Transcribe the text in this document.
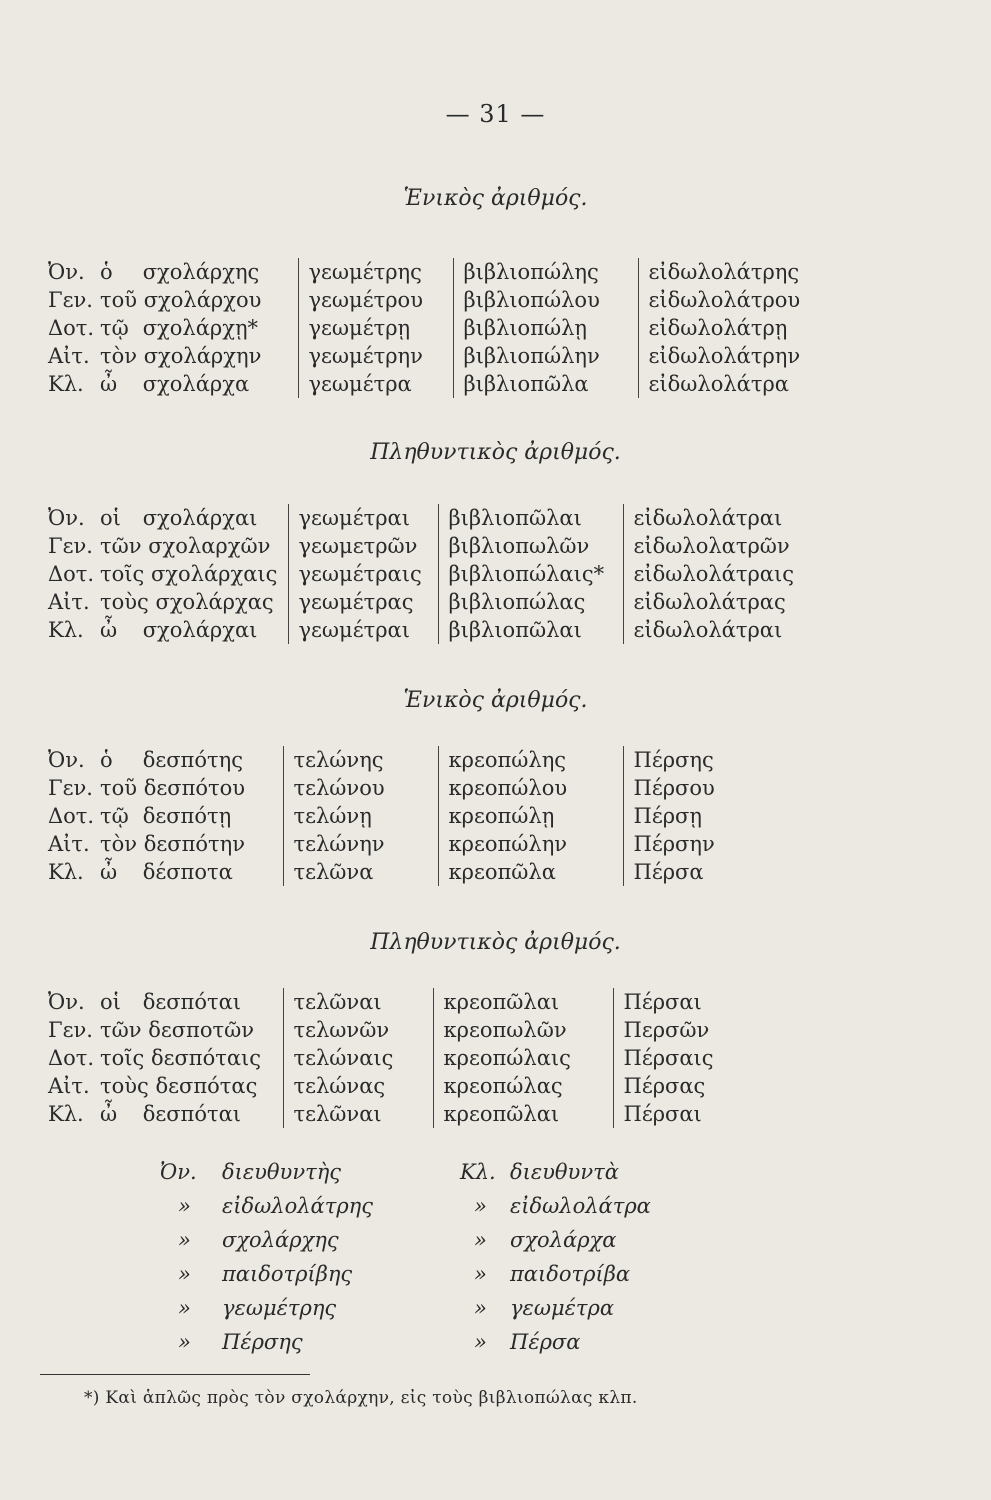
— 31 —
Ἑνικὸς ἀριθμός.
Ὀν. ὁ σχολάρχης	γεωμέτρης	βιβλιοπώλης	εἰδωλολάτρης
Γεν. τοῦ σχολάρχου	γεωμέτρου	βιβλιοπώλου	εἰδωλολάτρου
Δοτ. τῷ σχολάρχῃ*	γεωμέτρῃ	βιβλιοπώλῃ	εἰδωλολάτρῃ
Αἰτ. τὸν σχολάρχην	γεωμέτρην	βιβλιοπώλην	εἰδωλολάτρην
Κλ. ὦ σχολάρχα	γεωμέτρα	βιβλιοπῶλα	εἰδωλολάτρα
Πληθυντικὸς ἀριθμός.
Ὀν. οἱ σχολάρχαι	γεωμέτραι	βιβλιοπῶλαι	εἰδωλολάτραι
Γεν. τῶν σχολαρχῶν	γεωμετρῶν	βιβλιοπωλῶν	εἰδωλολατρῶν
Δοτ. τοῖς σχολάρχαις	γεωμέτραις	βιβλιοπώλαις*	εἰδωλολάτραις
Αἰτ. τοὺς σχολάρχας	γεωμέτρας	βιβλιοπώλας	εἰδωλολάτρας
Κλ. ὦ σχολάρχαι	γεωμέτραι	βιβλιοπῶλαι	εἰδωλολάτραι
Ἑνικὸς ἀριθμός.
Ὀν. ὁ δεσπότης	τελώνης	κρεοπώλης	Πέρσης
Γεν. τοῦ δεσπότου	τελώνου	κρεοπώλου	Πέρσου
Δοτ. τῷ δεσπότῃ	τελώνῃ	κρεοπώλῃ	Πέρσῃ
Αἰτ. τὸν δεσπότην	τελώνην	κρεοπώλην	Πέρσην
Κλ. ὦ δέσποτα	τελῶνα	κρεοπῶλα	Πέρσα
Πληθυντικὸς ἀριθμός.
Ὀν. οἱ δεσπόται	τελῶναι	κρεοπῶλαι	Πέρσαι
Γεν. τῶν δεσποτῶν	τελωνῶν	κρεοπωλῶν	Περσῶν
Δοτ. τοῖς δεσπόταις	τελώναις	κρεοπώλαις	Πέρσαις
Αἰτ. τοὺς δεσπότας	τελώνας	κρεοπώλας	Πέρσας
Κλ. ὦ δεσπόται	τελῶναι	κρεοπῶλαι	Πέρσαι
Ὀν.	διευθυντὴς	Κλ. διευθυντὰ
»	εἰδωλολάτρης	»	εἰδωλολάτρα
»	σχολάρχης	»	σχολάρχα
»	παιδοτρίβης	»	παιδοτρίβα
»	γεωμέτρης	»	γεωμέτρα
»	Πέρσης	»	Πέρσα
*) Καὶ ἁπλῶς πρὸς τὸν σχολάρχην, εἰς τοὺς βιβλιοπώλας κλπ.
